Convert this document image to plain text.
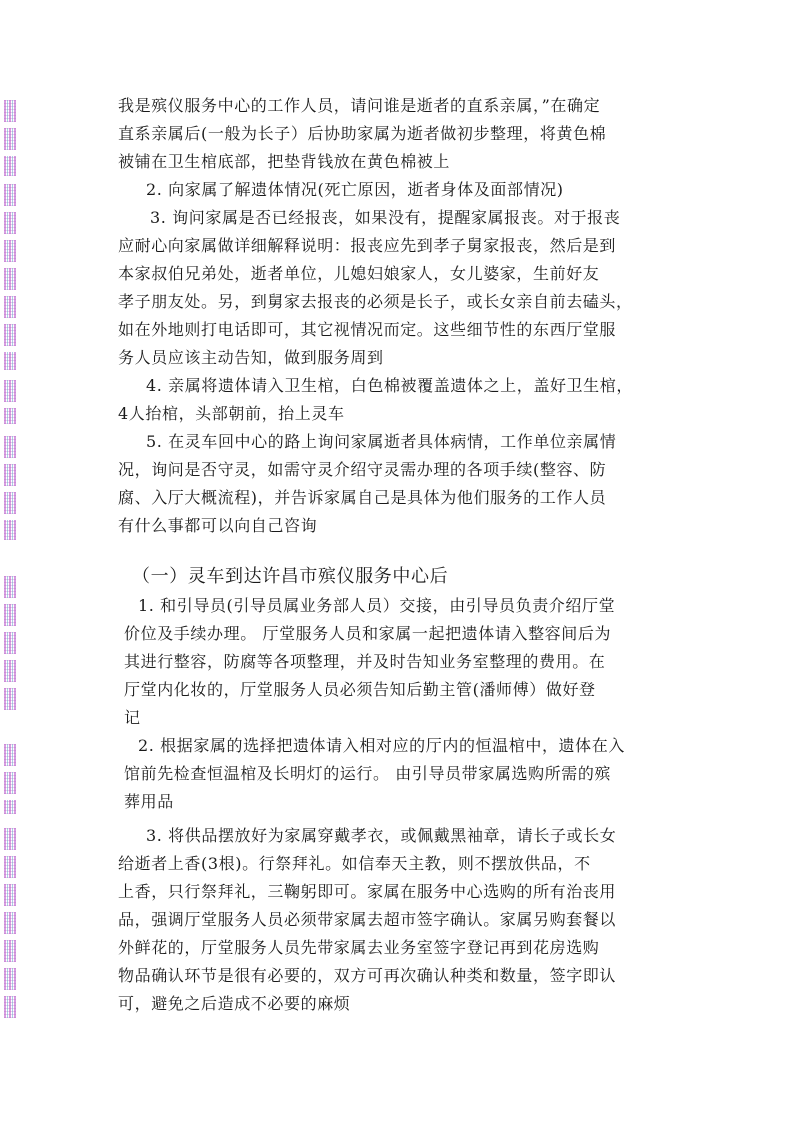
我是殡仪服务中心的工作人员，请问谁是逝者的直系亲属，”在确定
直系亲属后(一般为长子）后协助家属为逝者做初步整理，将黄色棉
被铺在卫生棺底部，把垫背钱放在黄色棉被上
2. 向家属了解遗体情况(死亡原因，逝者身体及面部情况)
3. 询问家属是否已经报丧，如果没有，提醒家属报丧。对于报丧
应耐心向家属做详细解释说明：报丧应先到孝子舅家报丧，然后是到
本家叔伯兄弟处，逝者单位，儿媳妇娘家人，女儿婆家，生前好友
孝子朋友处。另，到舅家去报丧的必须是长子，或长女亲自前去磕头，
如在外地则打电话即可，其它视情况而定。这些细节性的东西厅堂服
务人员应该主动告知，做到服务周到
4. 亲属将遗体请入卫生棺，白色棉被覆盖遗体之上，盖好卫生棺，
4人抬棺，头部朝前，抬上灵车
5. 在灵车回中心的路上询问家属逝者具体病情，工作单位亲属情
况，询问是否守灵，如需守灵介绍守灵需办理的各项手续(整容、防
腐、入厅大概流程)，并告诉家属自己是具体为他们服务的工作人员
有什么事都可以向自己咨询
（一）灵车到达许昌市殡仪服务中心后
1. 和引导员(引导员属业务部人员）交接，由引导员负责介绍厅堂
价位及手续办理。 厅堂服务人员和家属一起把遗体请入整容间后为
其进行整容，防腐等各项整理，并及时告知业务室整理的费用。在
厅堂内化妆的，厅堂服务人员必须告知后勤主管(潘师傅）做好登
记
2. 根据家属的选择把遗体请入相对应的厅内的恒温棺中，遗体在入
馆前先检查恒温棺及长明灯的运行。 由引导员带家属选购所需的殡
葬用品
3. 将供品摆放好为家属穿戴孝衣，或佩戴黑袖章，请长子或长女
给逝者上香(3根)。行祭拜礼。如信奉天主教，则不摆放供品，不
上香，只行祭拜礼，三鞠躬即可。家属在服务中心选购的所有治丧用
品，强调厅堂服务人员必须带家属去超市签字确认。家属另购套餐以
外鲜花的，厅堂服务人员先带家属去业务室签字登记再到花房选购
物品确认环节是很有必要的，双方可再次确认种类和数量，签字即认
可，避免之后造成不必要的麻烦
